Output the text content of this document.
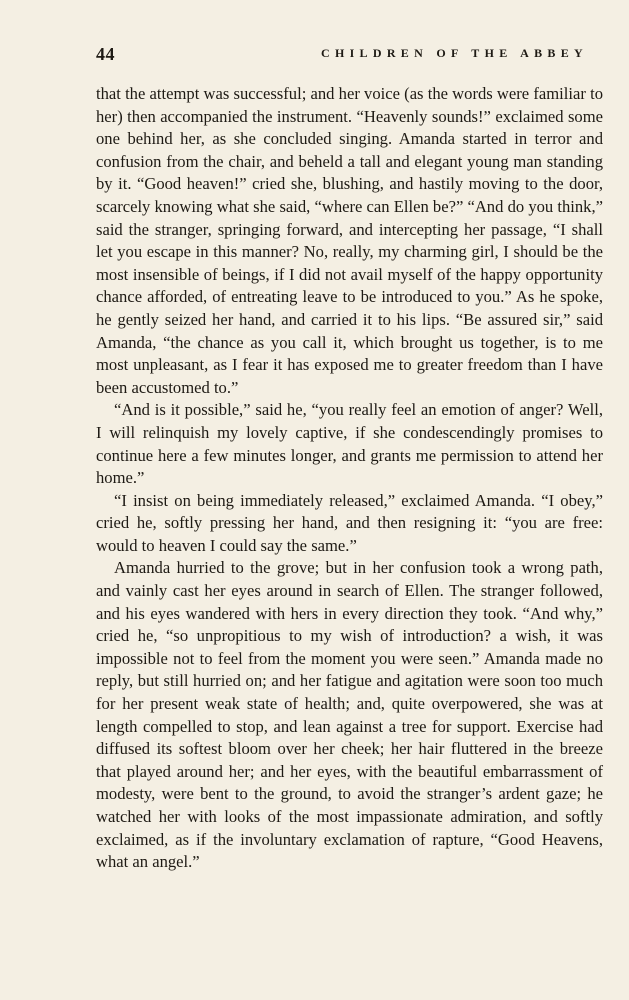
44	CHILDREN OF THE ABBEY

that the attempt was successful; and her voice (as the words were familiar to her) then accompanied the instrument. “Heavenly sounds!” exclaimed some one behind her, as she concluded singing. Amanda started in terror and confusion from the chair, and beheld a tall and elegant young man standing by it. “Good heaven!” cried she, blushing, and hastily moving to the door, scarcely knowing what she said, “where can Ellen be?” “And do you think,” said the stranger, springing forward, and intercepting her passage, “I shall let you escape in this manner? No, really, my charming girl, I should be the most insensible of beings, if I did not avail myself of the happy opportunity chance afforded, of entreating leave to be introduced to you.” As he spoke, he gently seized her hand, and carried it to his lips. “Be assured sir,” said Amanda, “the chance as you call it, which brought us together, is to me most unpleasant, as I fear it has exposed me to greater freedom than I have been accustomed to.”

“And is it possible,” said he, “you really feel an emotion of anger? Well, I will relinquish my lovely captive, if she condescendingly promises to continue here a few minutes longer, and grants me permission to attend her home.”

“I insist on being immediately released,” exclaimed Amanda. “I obey,” cried he, softly pressing her hand, and then resigning it: “you are free: would to heaven I could say the same.”

Amanda hurried to the grove; but in her confusion took a wrong path, and vainly cast her eyes around in search of Ellen. The stranger followed, and his eyes wandered with hers in every direction they took. “And why,” cried he, “so unpropitious to my wish of introduction? a wish, it was impossible not to feel from the moment you were seen.” Amanda made no reply, but still hurried on; and her fatigue and agitation were soon too much for her present weak state of health; and, quite overpowered, she was at length compelled to stop, and lean against a tree for support. Exercise had diffused its softest bloom over her cheek; her hair fluttered in the breeze that played around her; and her eyes, with the beautiful embarrassment of modesty, were bent to the ground, to avoid the stranger’s ardent gaze; he watched her with looks of the most impassionate admiration, and softly exclaimed, as if the involuntary exclamation of rapture, “Good Heavens, what an angel.”
